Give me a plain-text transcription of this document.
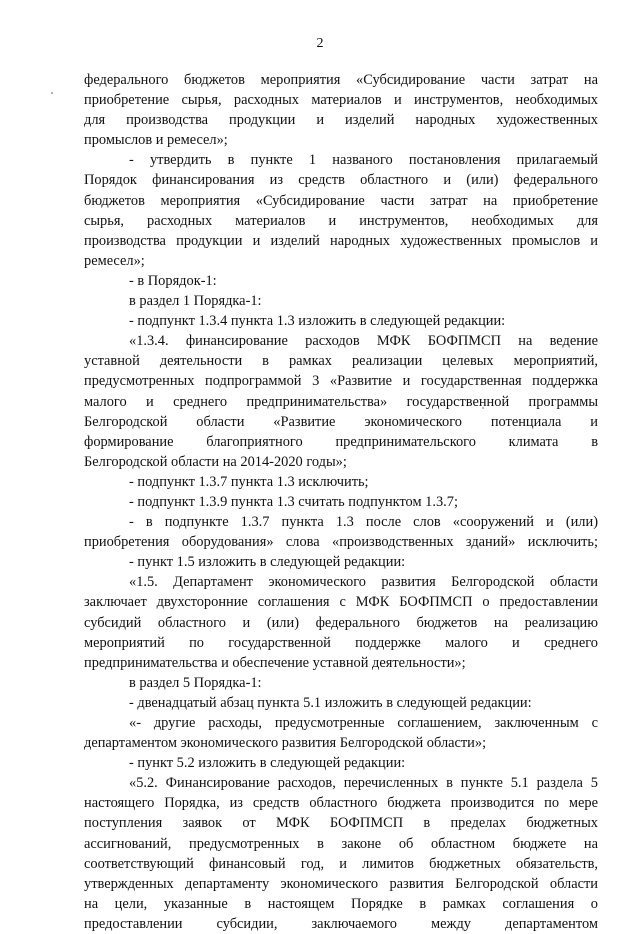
2
федерального бюджетов мероприятия «Субсидирование части затрат на
приобретение сырья, расходных материалов и инструментов, необходимых
для производства продукции и изделий народных художественных
промыслов и ремесел»;
- утвердить в пункте 1 названого постановления прилагаемый
Порядок финансирования из средств областного и (или) федерального
бюджетов мероприятия «Субсидирование части затрат на приобретение
сырья, расходных материалов и инструментов, необходимых для
производства продукции и изделий народных художественных промыслов и
ремесел»;
- в Порядок-1:
в раздел 1 Порядка-1:
- подпункт 1.3.4 пункта 1.3 изложить в следующей редакции:
«1.3.4. финансирование расходов МФК БОФПМСП на ведение
уставной деятельности в рамках реализации целевых мероприятий,
предусмотренных подпрограммой 3 «Развитие и государственная поддержка
малого и среднего предпринимательства» государственной программы
Белгородской области «Развитие экономического потенциала и
формирование благоприятного предпринимательского климата в
Белгородской области на 2014-2020 годы»;
- подпункт 1.3.7 пункта 1.3 исключить;
- подпункт 1.3.9 пункта 1.3 считать подпунктом 1.3.7;
- в подпункте 1.3.7 пункта 1.3 после слов «сооружений и (или)
приобретения оборудования» слова «производственных зданий» исключить;
- пункт 1.5 изложить в следующей редакции:
«1.5. Департамент экономического развития Белгородской области
заключает двухсторонние соглашения с МФК БОФПМСП о предоставлении
субсидий областного и (или) федерального бюджетов на реализацию
мероприятий по государственной поддержке малого и среднего
предпринимательства и обеспечение уставной деятельности»;
в раздел 5 Порядка-1:
- двенадцатый абзац пункта 5.1 изложить в следующей редакции:
«- другие расходы, предусмотренные соглашением, заключенным с
департаментом экономического развития Белгородской области»;
- пункт 5.2 изложить в следующей редакции:
«5.2. Финансирование расходов, перечисленных в пункте 5.1 раздела 5
настоящего Порядка, из средств областного бюджета производится по мере
поступления заявок от МФК БОФПМСП в пределах бюджетных
ассигнований, предусмотренных в законе об областном бюджете на
соответствующий финансовый год, и лимитов бюджетных обязательств,
утвержденных департаменту экономического развития Белгородской области
на цели, указанные в настоящем Порядке в рамках соглашения о
предоставлении субсидии, заключаемого между департаментом
